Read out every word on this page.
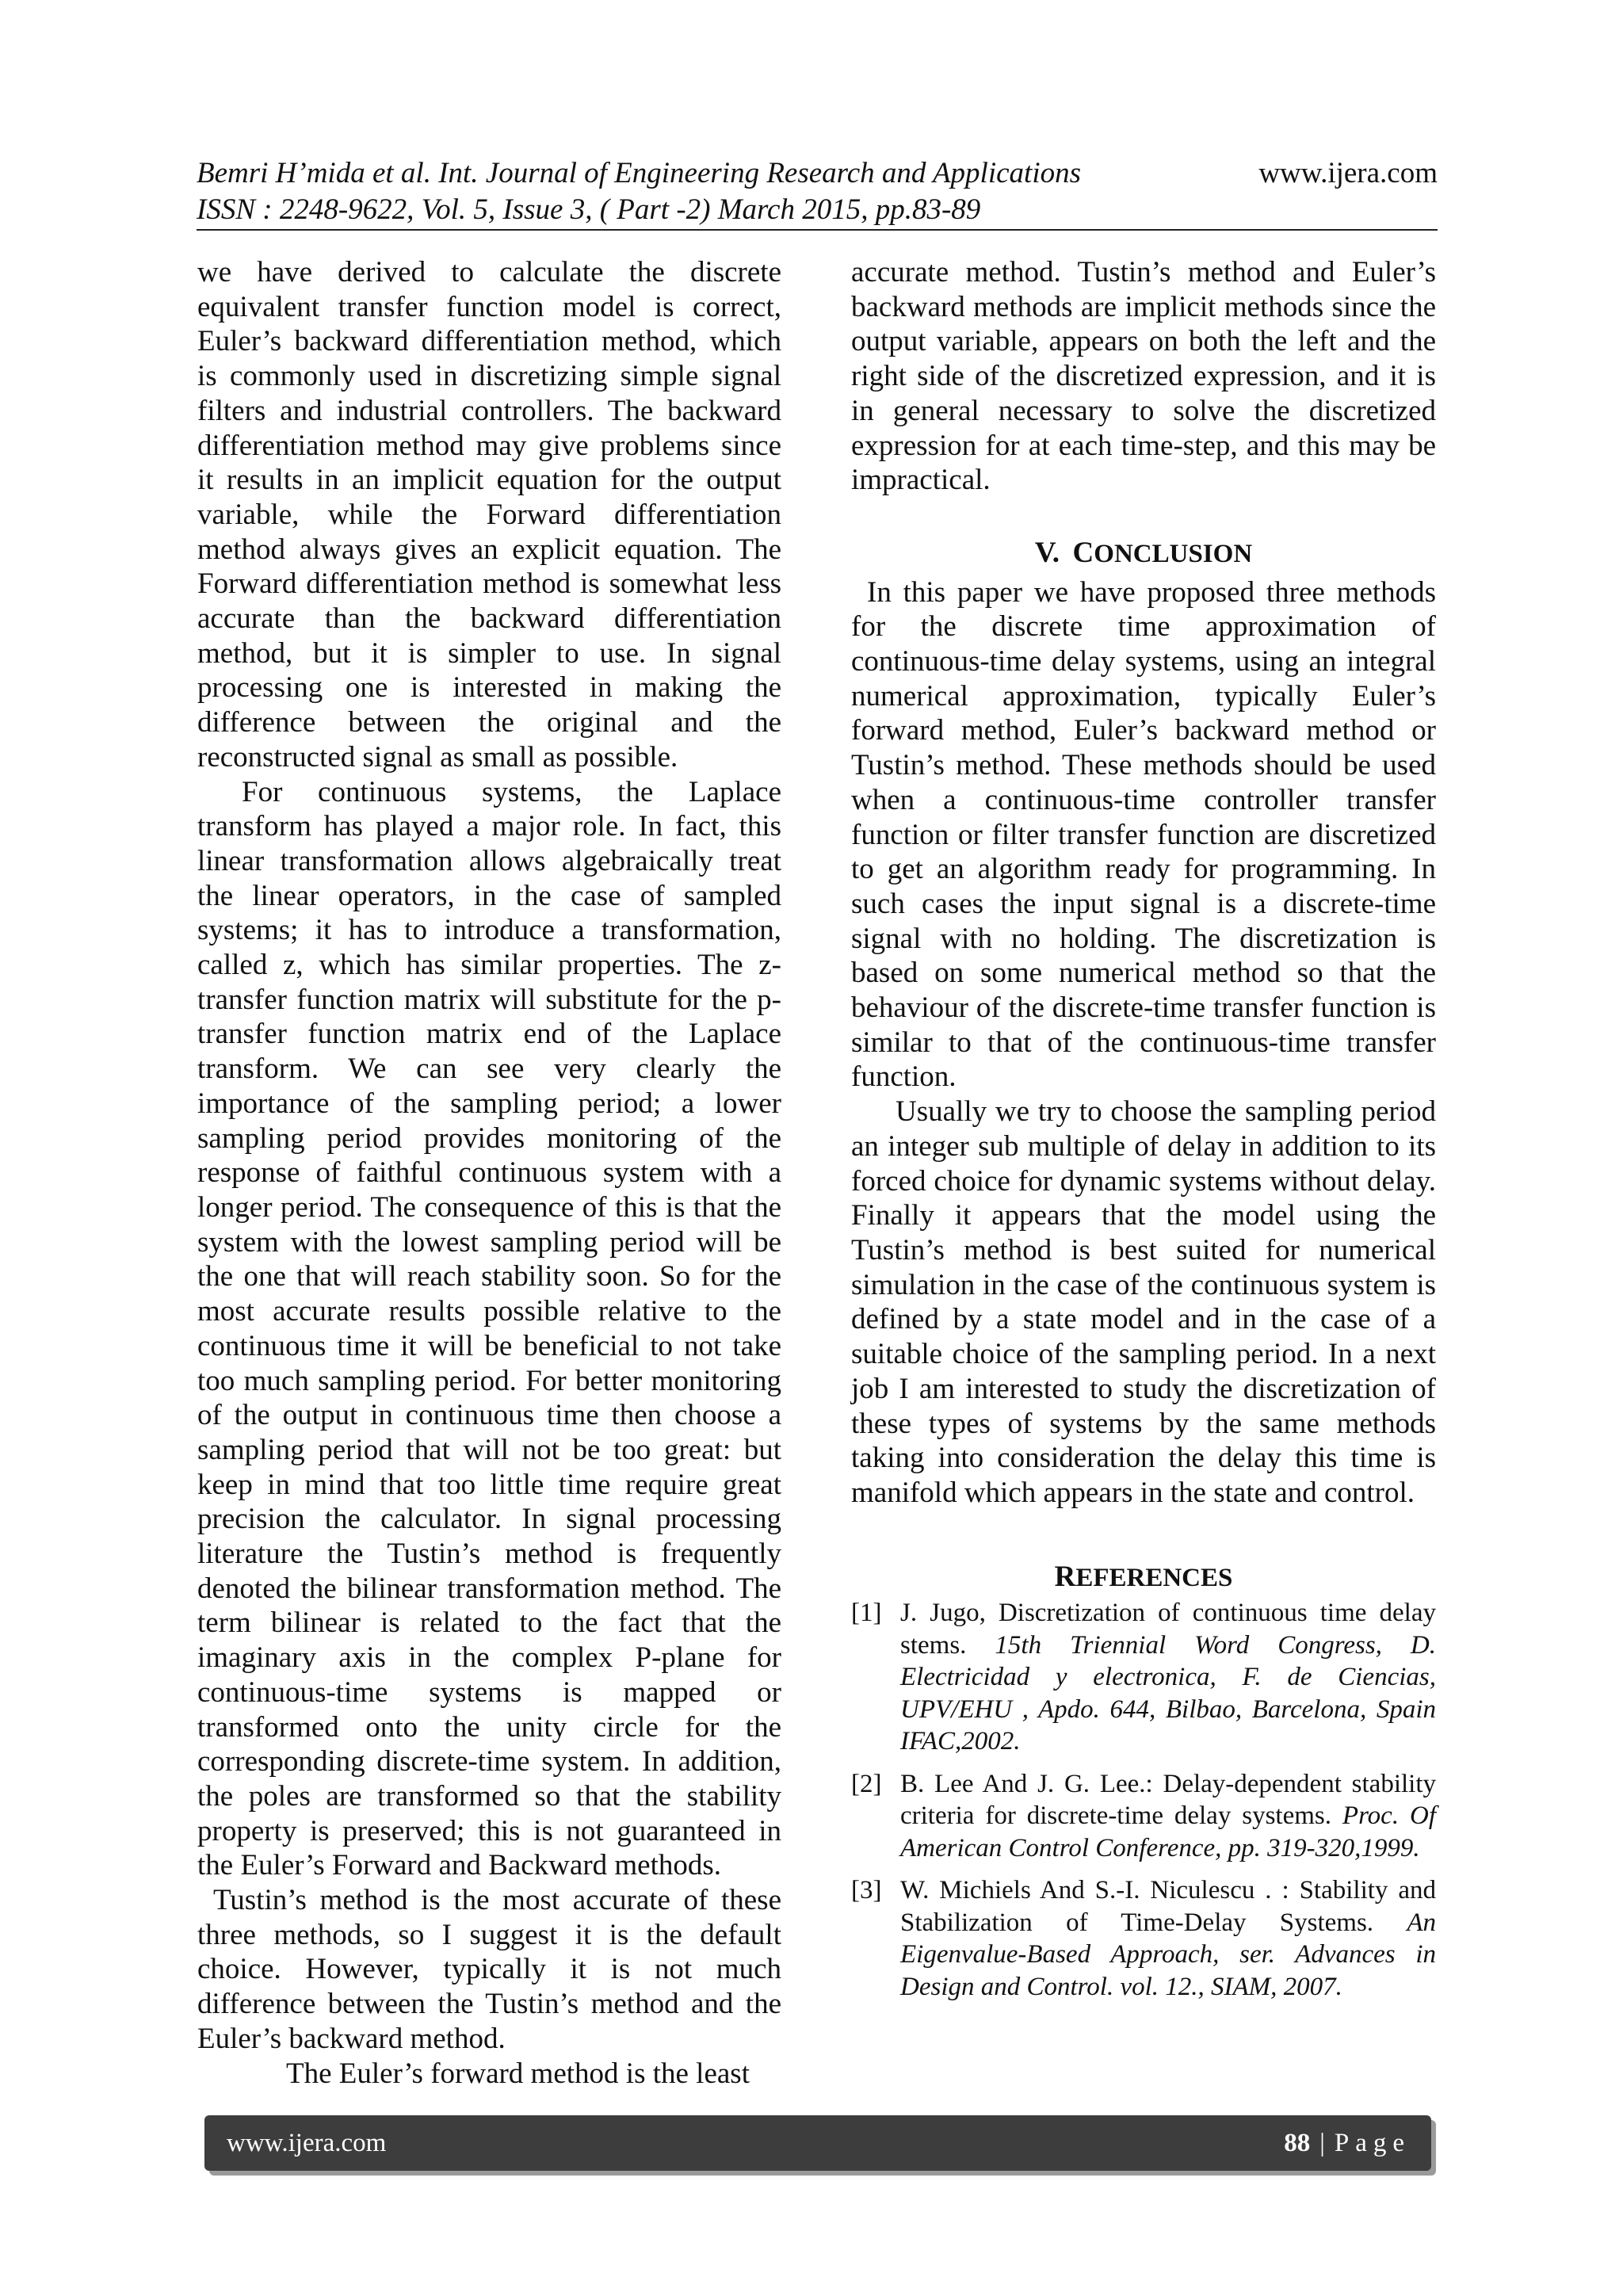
Bemri H’mida et al. Int. Journal of Engineering Research and Applications	www.ijera.com
ISSN : 2248-9622, Vol. 5, Issue 3, ( Part -2) March 2015, pp.83-89

we have derived to calculate the discrete equivalent transfer function model is correct, Euler’s backward differentiation method, which is commonly used in discretizing simple signal filters and industrial controllers. The backward differentiation method may give problems since it results in an implicit equation for the output variable, while the Forward differentiation method always gives an explicit equation. The Forward differentiation method is somewhat less accurate than the backward differentiation method, but it is simpler to use. In signal processing one is interested in making the difference between the original and the reconstructed signal as small as possible.

For continuous systems, the Laplace transform has played a major role. In fact, this linear transformation allows algebraically treat the linear operators, in the case of sampled systems; it has to introduce a transformation, called z, which has similar properties. The z-transfer function matrix will substitute for the p-transfer function matrix end of the Laplace transform. We can see very clearly the importance of the sampling period; a lower sampling period provides monitoring of the response of faithful continuous system with a longer period. The consequence of this is that the system with the lowest sampling period will be the one that will reach stability soon. So for the most accurate results possible relative to the continuous time it will be beneficial to not take too much sampling period. For better monitoring of the output in continuous time then choose a sampling period that will not be too great: but keep in mind that too little time require great precision the calculator. In signal processing literature the Tustin’s method is frequently denoted the bilinear transformation method. The term bilinear is related to the fact that the imaginary axis in the complex P-plane for continuous-time systems is mapped or transformed onto the unity circle for the corresponding discrete-time system. In addition, the poles are transformed so that the stability property is preserved; this is not guaranteed in the Euler’s Forward and Backward methods.

Tustin’s method is the most accurate of these three methods, so I suggest it is the default choice. However, typically it is not much difference between the Tustin’s method and the Euler’s backward method.

The Euler’s forward method is the least

accurate method. Tustin’s method and Euler’s backward methods are implicit methods since the output variable, appears on both the left and the right side of the discretized expression, and it is in general necessary to solve the discretized expression for at each time-step, and this may be impractical.

V. CONCLUSION

In this paper we have proposed three methods for the discrete time approximation of continuous-time delay systems, using an integral numerical approximation, typically Euler’s forward method, Euler’s backward method or Tustin’s method. These methods should be used when a continuous-time controller transfer function or filter transfer function are discretized to get an algorithm ready for programming. In such cases the input signal is a discrete-time signal with no holding. The discretization is based on some numerical method so that the behaviour of the discrete-time transfer function is similar to that of the continuous-time transfer function.

Usually we try to choose the sampling period an integer sub multiple of delay in addition to its forced choice for dynamic systems without delay. Finally it appears that the model using the Tustin’s method is best suited for numerical simulation in the case of the continuous system is defined by a state model and in the case of a suitable choice of the sampling period. In a next job I am interested to study the discretization of these types of systems by the same methods taking into consideration the delay this time is manifold which appears in the state and control.

REFERENCES

[1] J. Jugo, Discretization of continuous time delay stems. 15th Triennial Word Congress, D. Electricidad y electronica, F. de Ciencias, UPV/EHU , Apdo. 644, Bilbao, Barcelona, Spain IFAC,2002.
[2] B. Lee And J. G. Lee.: Delay-dependent stability criteria for discrete-time delay systems. Proc. Of American Control Conference, pp. 319-320,1999.
[3] W. Michiels And S.-I. Niculescu . : Stability and Stabilization of Time-Delay Systems. An Eigenvalue-Based Approach, ser. Advances in Design and Control. vol. 12., SIAM, 2007.
www.ijera.com	88 | Page
